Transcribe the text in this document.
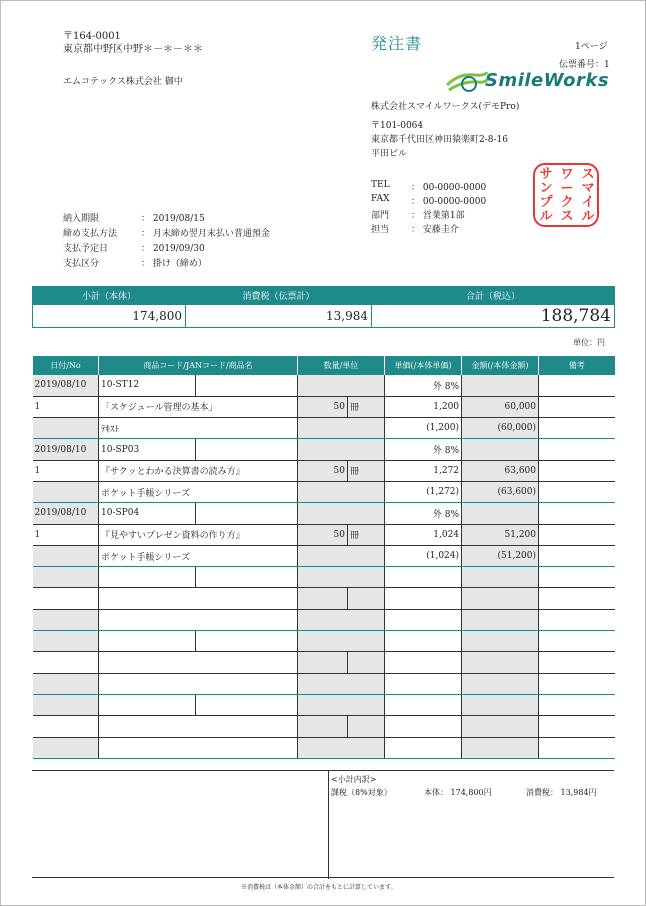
〒164-0001
東京都中野区中野＊－＊－＊＊
エムコテックス株式会社 御中
発注書	1ページ
伝票番号：1
SmileWorks
株式会社スマイルワークス(デモPro)
〒101-0064
東京都千代田区神田猿楽町2-8-16
平田ビル
TEL ： 00-0000-0000
FAX ： 00-0000-0000
部門 ： 営業第1部
担当 ： 安藤圭介
スマイル
ワークス
サンプル
納入期限	： 2019/08/15
締め支払方法	： 月末締め翌月末払い普通預金
支払予定日	： 2019/09/30
支払区分	： 掛け（締め）
小計（本体）	消費税（伝票計）	合計（税込）
174,800	13,984	188,784
単位：円
日付/No	商品コード/JANコード/商品名		数量/単位		単価(/本体単価)	金額(/本体金額)	備考
2019/08/10	10-ST12				外 8%		
1	「スケジュール管理の基本」		50	冊	1,200	60,000	
	ﾃｷｽﾄ				(1,200)	(60,000)	
2019/08/10	10-SP03				外 8%		
1	『サクッとわかる決算書の読み方』		50	冊	1,272	63,600	
	ポケット手帳シリーズ				(1,272)	(63,600)	
2019/08/10	10-SP04				外 8%		
1	『見やすいプレゼン資料の作り方』		50	冊	1,024	51,200	
	ポケット手帳シリーズ				(1,024)	(51,200)	

<小計内訳>
課税（8%対象）	本体： 174,800円	消費税： 13,984円
※消費税は（本体金額）の合計をもとに計算しています。
